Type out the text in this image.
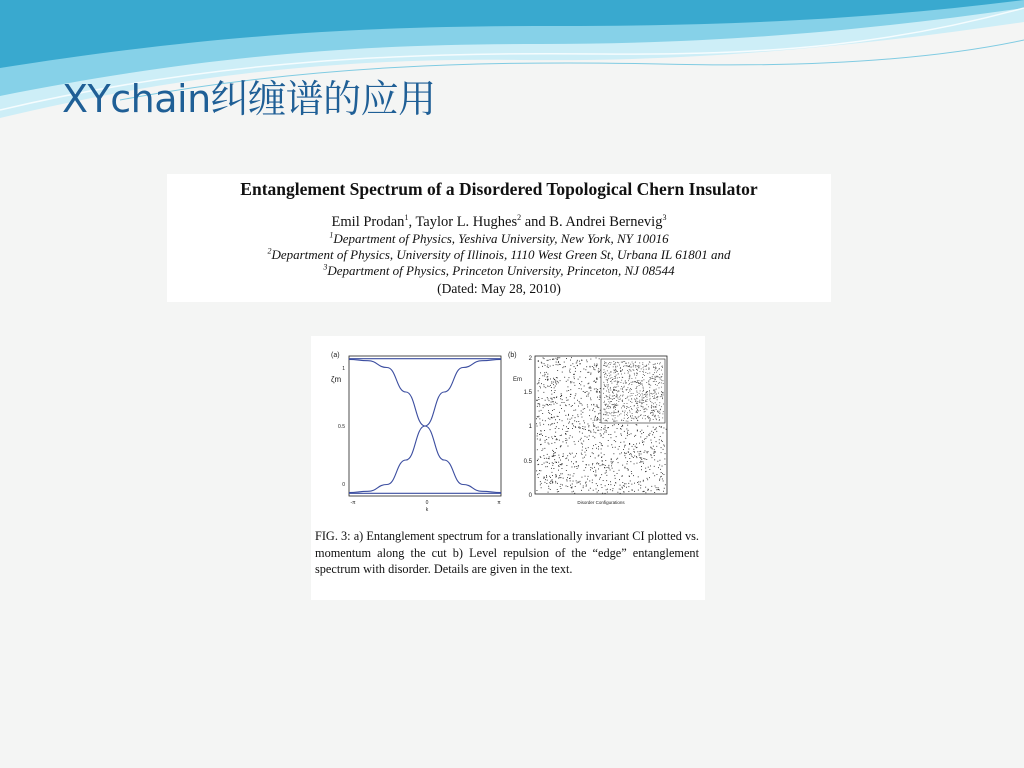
XYchain纠缠谱的应用
Entanglement Spectrum of a Disordered Topological Chern Insulator
Emil Prodan$^1$, Taylor L. Hughes$^2$ and B. Andrei Bernevig$^3$
$^1$Department of Physics, Yeshiva University, New York, NY 10016
$^2$Department of Physics, University of Illinois, 1110 West Green St, Urbana IL 61801 and
$^3$Department of Physics, Princeton University, Princeton, NJ 08544
(Dated: May 28, 2010)
(a)
ζm
1
0.5
0
-π	0	π
k
(b)
Em
2
1.5
1
0.5
0
10
5
0
-5
-10
Disorder Configurations

FIG. 3: a) Entanglement spectrum for a translationally invariant CI plotted vs. momentum along the cut b) Level repulsion of the “edge” entanglement spectrum with disorder. Details are given in the text.
